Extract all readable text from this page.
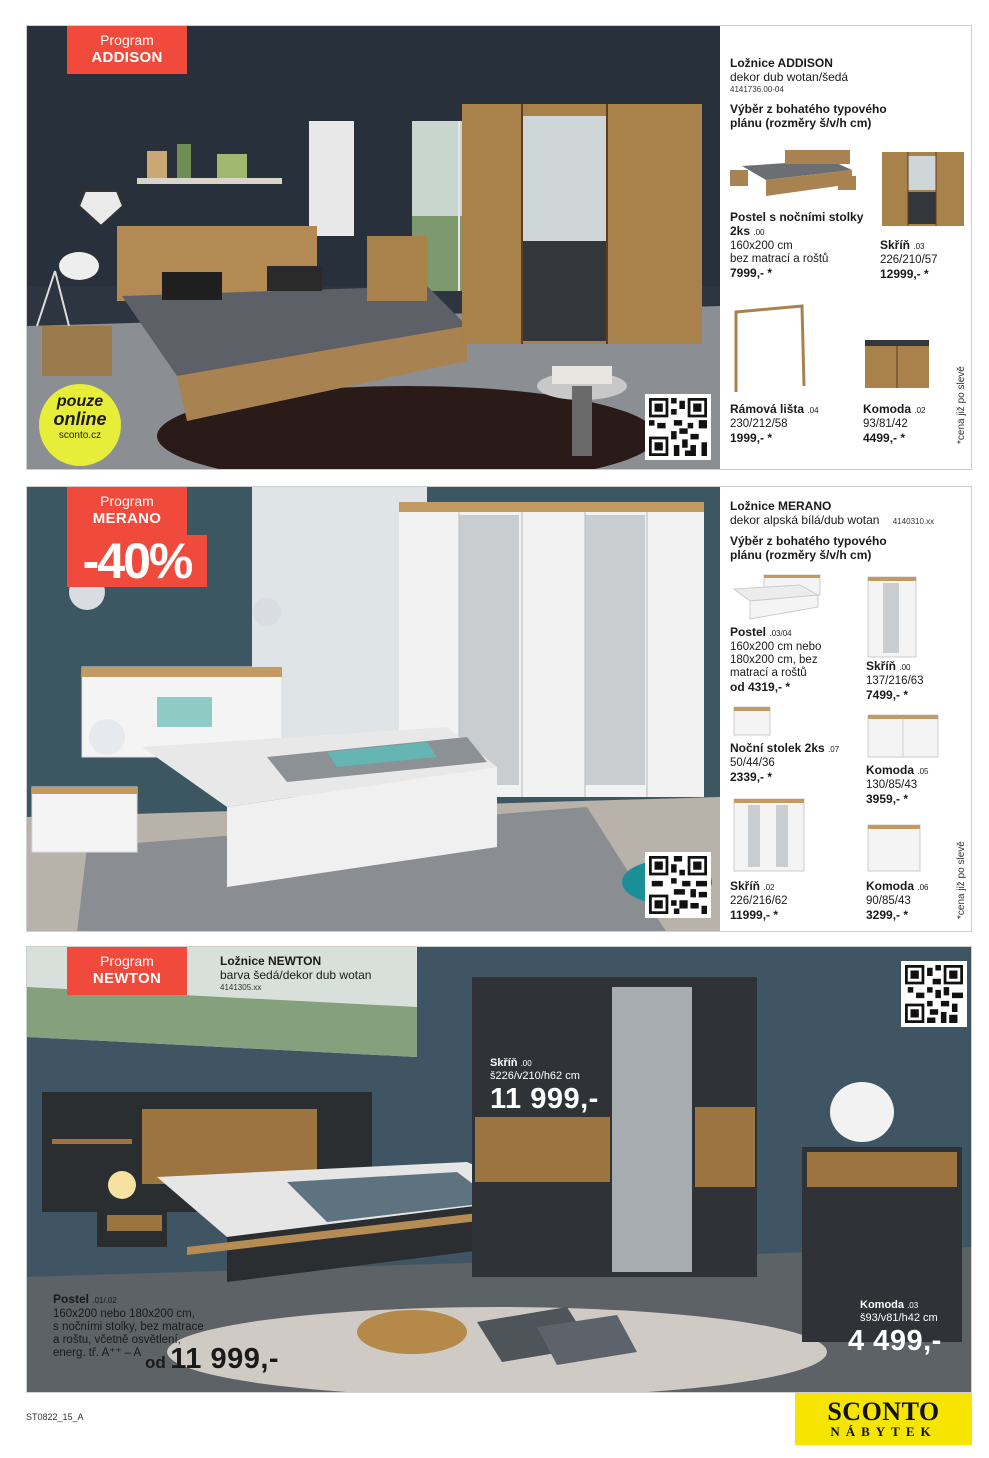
Program
ADDISON
pouze
online
sconto.cz
Ložnice ADDISON
dekor dub wotan/šedá
4141736.00-04
Výběr z bohatého typového plánu (rozměry š/v/h cm)
Postel s nočními stolky 2ks .00
160x200 cm
bez matrací a roštů
7999,- *
Skříň .03
226/210/57
12999,- *
Rámová lišta .04
230/212/58
1999,- *
Komoda .02
93/81/42
4499,- *	*cena již po slevě
Program
MERANO
-40%
Ložnice MERANO
dekor alpská bílá/dub wotan 4140310.xx
Výběr z bohatého typového plánu (rozměry š/v/h cm)
Postel .03/04
160x200 cm nebo 180x200 cm, bez matrací a roštů
od 4319,- *
Skříň .00
137/216/63
7499,- *
Noční stolek 2ks .07
50/44/36
2339,- *	Komoda .05
130/85/43
3959,- *
Skříň .02
226/216/62
11999,- *
Komoda .06
90/85/43
3299,- *	*cena již po slevě
Program
NEWTON
Ložnice NEWTON
barva šedá/dekor dub wotan
4141305.xx
Skříň .00
š226/v210/h62 cm
11 999,-
Komoda .03
š93/v81/h42 cm
4 499,-
Postel .01/.02
160x200 nebo 180x200 cm,
s nočními stolky, bez matrace
a roštu, včetně osvětlení,
energ. tř. A⁺⁺ – A od 11 999,-
ST0822_15_A	SCONTO
NÁBYTEK
